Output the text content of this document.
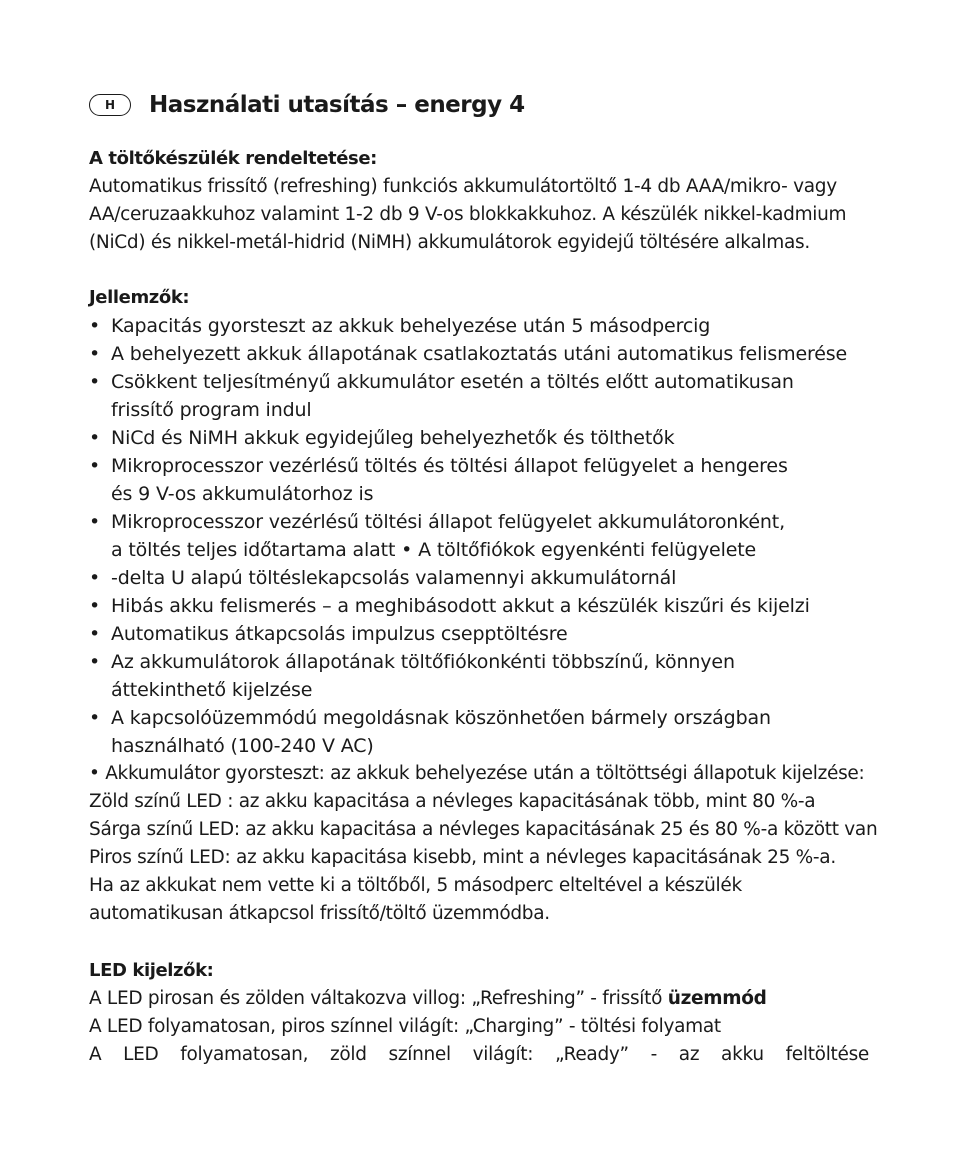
H	Használati utasítás – energy 4
A töltőkészülék rendeltetése:
Automatikus frissítő (refreshing) funkciós akkumulátortöltő 1-4 db AAA/mikro- vagy
AA/ceruzaakkuhoz valamint 1-2 db 9 V-os blokkakkuhoz. A készülék nikkel-kadmium
(NiCd) és nikkel-metál-hidrid (NiMH) akkumulátorok egyidejű töltésére alkalmas.
Jellemzők:
• Kapacitás gyorsteszt az akkuk behelyezése után 5 másodpercig
• A behelyezett akkuk állapotának csatlakoztatás utáni automatikus felismerése
• Csökkent teljesítményű akkumulátor esetén a töltés előtt automatikusan
frissítő program indul
• NiCd és NiMH akkuk egyidejűleg behelyezhetők és tölthetők
• Mikroprocesszor vezérlésű töltés és töltési állapot felügyelet a hengeres
és 9 V-os akkumulátorhoz is
• Mikroprocesszor vezérlésű töltési állapot felügyelet akkumulátoronként,
a töltés teljes időtartama alatt • A töltőfiókok egyenkénti felügyelete
• -delta U alapú töltéslekapcsolás valamennyi akkumulátornál
• Hibás akku felismerés – a meghibásodott akkut a készülék kiszűri és kijelzi
• Automatikus átkapcsolás impulzus csepptöltésre
• Az akkumulátorok állapotának töltőfiókonkénti többszínű, könnyen
áttekinthető kijelzése
• A kapcsolóüzemmódú megoldásnak köszönhetően bármely országban
használható (100-240 V AC)
• Akkumulátor gyorsteszt: az akkuk behelyezése után a töltöttségi állapotuk kijelzése:
Zöld színű LED : az akku kapacitása a névleges kapacitásának több, mint 80 %-a
Sárga színű LED: az akku kapacitása a névleges kapacitásának 25 és 80 %-a között van
Piros színű LED: az akku kapacitása kisebb, mint a névleges kapacitásának 25 %-a.
Ha az akkukat nem vette ki a töltőből, 5 másodperc elteltével a készülék
automatikusan átkapcsol frissítő/töltő üzemmódba.
LED kijelzők:
A LED pirosan és zölden váltakozva villog: „Refreshing” - frissítő üzemmód
A LED folyamatosan, piros színnel világít: „Charging” - töltési folyamat
A LED folyamatosan, zöld színnel világít: „Ready” - az akku feltöltése
